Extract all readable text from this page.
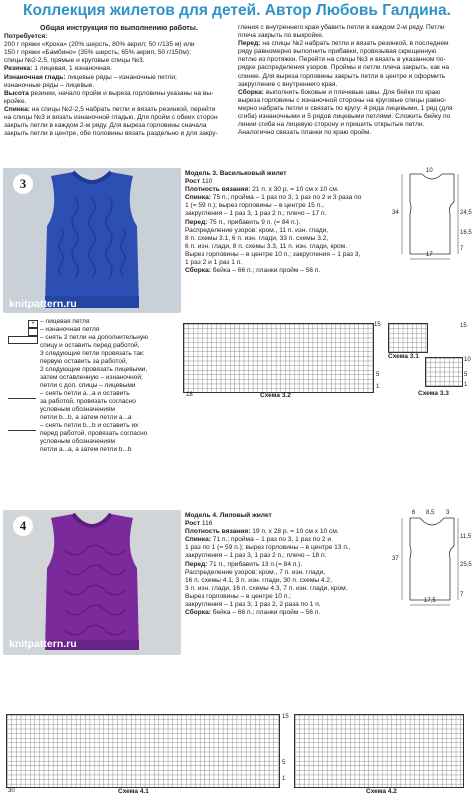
Коллекция жилетов для детей. Автор Любовь Галдина.
Общая инструкция по выполнению работы.
Потребуется:
200 г пряжи «Кроха» (20% шерсть, 80% акрил; 50 г/135 м) или
150 г пряжи «Бамбино» (35% шерсть, 65% акрил, 50 г/150м);
спицы №2-2,5, прямые и круговые спицы №3.
Резинка: 1 лицевая, 1 изнаночная.
Изнаночная гладь: лицевые ряды – изнаночные петли;
изнаночные ряды – лицевые.
Высота резинки, начало пройм и выреза горловины указаны на вы-
кройке.
Спинка: на спицы №2-2,5 набрать петли и вязать резинкой, перейти
на спицы №3 и вязать изнаночной гладью. Для пройм с обеих сторон
закрыть петли в каждом 2-м ряду. Для выреза горловины сначала
закрыть петли в центре, обе половины вязать раздельно и для закру-
гления с внутреннего края убавить петли в каждом 2-м ряду. Петли
плеча закрыть по выкройке.
Перед: на спицы №2 набрать петли и вязать резинкой, в последнем
ряду равномерно выполнить прибавки, провязывая скрещенную
петлю из протяжки. Перейти на спицы №3 и вязать в указанном по-
рядке распределения узоров. Проймы и петли плеча закрыть, как на
спинке. Для выреза горловины закрыть петли в центре и оформить
закругление с внутреннего края.
Сборка: выполнить боковые и плечевые швы. Для бейки по краю
выреза горловины с изнаночной стороны на круговые спицы равно-
мерно набрать петли и связать по кругу: 4 ряда лицевыми, 1 ряд (для
сгиба) изнаночными и 5 рядов лицевыми петлями. Сложить бейку по
линии сгиба на лицевую сторону и пришить открытые петли.
Аналогично связать планки по краю пройм.
3
knitpattern.ru
Модель 3. Васильковый жилет
Рост 110
Плотность вязания: 21 п. х 30 р. = 10 см х 10 см.
Спинка: 75 п.; пройма – 1 раз по 3, 1 раз по 2 и 3 раза по
1 (= 59 п.); вырез горловины – в центре 15 п.,
закругления – 1 раз 3, 1 раз 2 п.; плечо – 17 п.
Перед: 75 п., прибавить 9 п. (= 84 п.).
Распределение узоров: кром., 11 п. изн. глади,
8 п. схемы 3.1, 6 п. изн. глади, 33 п. схемы 3.2,
6 п. изн. глади, 8 п. схемы 3.3, 11 п. изн. глади, кром.
Вырез горловины – в центре 10 п.; закругления – 1 раз 3,
1 раз 2 и 1 раз 1 п.
Сборка: бейка – 66 п.; планки пройм – 56 п.
10
24,5
34
17
16,5
7
+ – лицевая петля
– изнаночная петля
– снять 2 петли на дополнительную
спицу и оставить перед работой,
3 следующие петли провязать так:
первую оставить за работой,
2 следующие провязать лицевыми,
затем оставленную – изнаночной;
петли с доп. спицы – лицевыми
– снять петли a...a и оставить
за работой, провязать согласно
условным обозначениям
петли b...b, а затем петли a...a
– снять петли b...b и оставить их
перед работой, провязать согласно
условным обозначениям
петли a...a, а затем петли b...b
15
5
1
18	Схема 3.2
Схема 3.1
15
Схема 3.3
10
5
1
4
knitpattern.ru
Модель 4. Лиловый жилет
Рост 116
Плотность вязания: 19 п. х 28 р. = 10 см х 10 см.
Спинка: 71 п.; пройма – 1 раз по 3, 1 раз по 2 и
1 раз по 1 (= 59 п.); вырез горловины – в центре 13 п.,
закругления – 1 раз 3, 1 раз 2 п.; плечо – 18 п.
Перед: 71 п., прибавить 13 п.(= 84 п.).
Распределение узоров: кром., 7 п. изн. глади,
16 п. схемы 4.1, 3 п. изн. глади, 30 п. схемы 4.2,
3 п. изн. глади, 16 п. схемы 4.3, 7 п. изн. глади, кром.
Вырез горловины – в центре 10 п.;
закругления – 1 раз 3, 1 раз 2, 2 раза по 1 п.
Сборка: бейка – 66 п.; планки пройм – 56 п.
6 8,5 3
37
25,5
11,5
17,5
7
30	Схема 4.1
15
5
1
Схема 4.2
